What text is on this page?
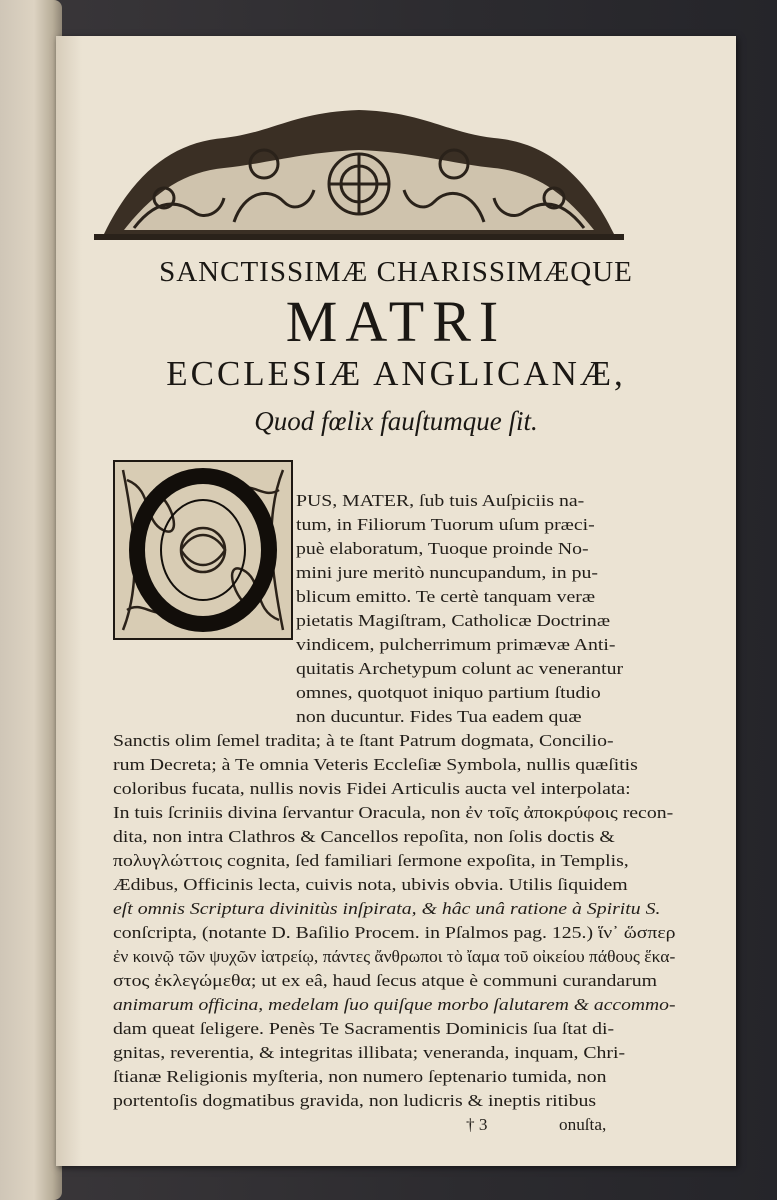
SANCTISSIMÆ CHARISSIMÆQUE
MATRI
ECCLESIÆ ANGLICANÆ,
Quod fœlix fauſtumque ſit.
PUS, MATER, ſub tuis Auſpiciis na-
tum, in Filiorum Tuorum uſum præci-
puè elaboratum, Tuoque proinde No-
mini jure meritò nuncupandum, in pu-
blicum emitto. Te certè tanquam veræ
pietatis Magiſtram, Catholicæ Doctrinæ
vindicem, pulcherrimum primævæ Anti-
quitatis Archetypum colunt ac venerantur
omnes, quotquot iniquo partium ſtudio
non ducuntur. Fides Tua eadem quæ
Sanctis olim ſemel tradita; à te ſtant Patrum dogmata, Concilio-
rum Decreta; à Te omnia Veteris Eccleſiæ Symbola, nullis quæſitis
coloribus fucata, nullis novis Fidei Articulis aucta vel interpolata:
In tuis ſcriniis divina ſervantur Oracula, non ἐν τοῖς ἀποκρύφοις recon-
dita, non intra Clathros & Cancellos repoſita, non ſolis doctis &
πολυγλώττοις cognita, ſed familiari ſermone expoſita, in Templis,
Ædibus, Officinis lecta, cuivis nota, ubivis obvia. Utilis ſiquidem
eſt omnis Scriptura divinitùs inſpirata, & hâc unâ ratione à Spiritu S.
conſcripta, (notante D. Baſilio Procem. in Pſalmos pag. 125.) ἵν᾽ ὥσπερ
ἐν κοινῷ τῶν ψυχῶν ἰατρείῳ, πάντες ἄνθρωποι τὸ ἴαμα τοῦ οἰκείου πάθους ἕκα-
στος ἐκλεγώμεθα; ut ex eâ, haud ſecus atque è communi curandarum
animarum officina, medelam ſuo quiſque morbo ſalutarem & accommo-
dam queat ſeligere. Penès Te Sacramentis Dominicis ſua ſtat di-
gnitas, reverentia, & integritas illibata; veneranda, inquam, Chri-
ſtianæ Religionis myſteria, non numero ſeptenario tumida, non
portentoſis dogmatibus gravida, non ludicris & ineptis ritibus
† 3	onuſta,
